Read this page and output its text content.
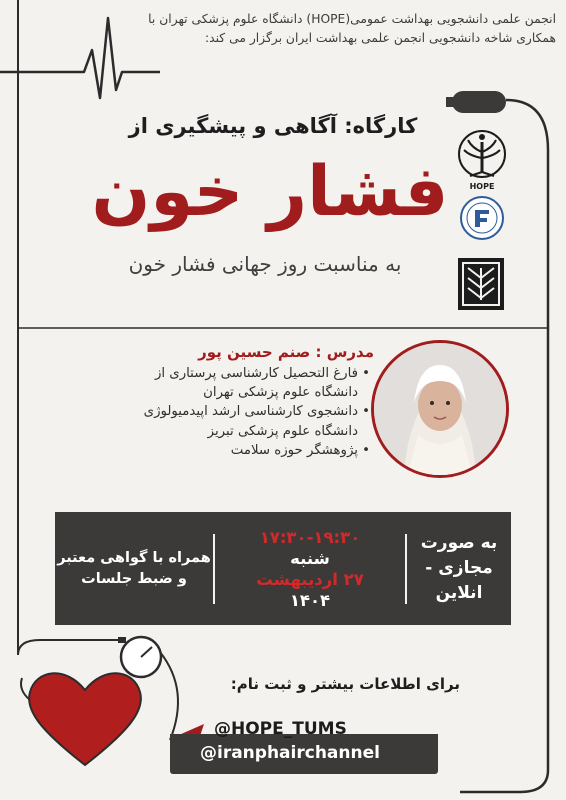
انجمن علمی دانشجویی بهداشت عمومی(HOPE) دانشگاه علوم پزشکی تهران با همکاری شاخه دانشجویی انجمن علمی بهداشت ایران برگزار می کند:
کارگاه: آگاهی و پیشگیری از
فشار خون
به مناسبت روز جهانی فشار خون
HOPE
مدرس : صنم حسین پور
• فارغ التحصیل کارشناسی پرستاری از دانشگاه علوم پزشکی تهران
• دانشجوی کارشناسی ارشد اپیدمیولوژی دانشگاه علوم پزشکی تبریز
• پژوهشگر حوزه سلامت
به صورت مجازی - انلاین
۱۷:۳۰-۱۹:۳۰
شنبه
۲۷ اردیبهشت
۱۴۰۴
همراه با گواهی معتبر و ضبط جلسات
برای اطلاعات بیشتر و ثبت نام:
@HOPE_TUMS
@iranphairchannel
